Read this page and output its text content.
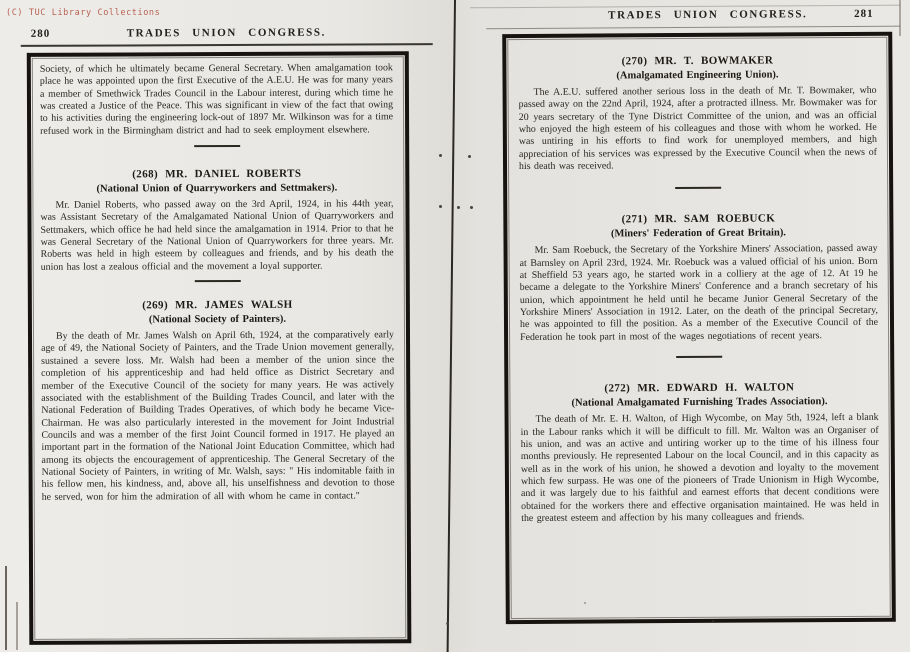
(C) TUC Library Collections
280	TRADES UNION CONGRESS.

Society, of which he ultimately became General Secretary. When amalgamation took place he was appointed upon the first Executive of the A.E.U. He was for many years a member of Smethwick Trades Council in the Labour interest, during which time he was created a Justice of the Peace. This was significant in view of the fact that owing to his activities during the engineering lock-out of 1897 Mr. Wilkinson was for a time refused work in the Birmingham district and had to seek employment elsewhere.

(268) MR. DANIEL ROBERTS
(National Union of Quarryworkers and Settmakers).

Mr. Daniel Roberts, who passed away on the 3rd April, 1924, in his 44th year, was Assistant Secretary of the Amalgamated National Union of Quarryworkers and Settmakers, which office he had held since the amalgamation in 1914. Prior to that he was General Secretary of the National Union of Quarryworkers for three years. Mr. Roberts was held in high esteem by colleagues and friends, and by his death the union has lost a zealous official and the movement a loyal supporter.

(269) MR. JAMES WALSH
(National Society of Painters).

By the death of Mr. James Walsh on April 6th, 1924, at the comparatively early age of 49, the National Society of Painters, and the Trade Union movement generally, sustained a severe loss. Mr. Walsh had been a member of the union since the completion of his apprenticeship and had held office as District Secretary and member of the Executive Council of the society for many years. He was actively associated with the establishment of the Building Trades Council, and later with the National Federation of Building Trades Operatives, of which body he became Vice-Chairman. He was also particularly interested in the movement for Joint Industrial Councils and was a member of the first Joint Council formed in 1917. He played an important part in the formation of the National Joint Education Committee, which had among its objects the encouragement of apprenticeship. The General Secretary of the National Society of Painters, in writing of Mr. Walsh, says: " His indomitable faith in his fellow men, his kindness, and, above all, his unselfishness and devotion to those he served, won for him the admiration of all with whom he came in contact."

TRADES UNION CONGRESS.	281
(270) MR. T. BOWMAKER
(Amalgamated Engineering Union).

The A.E.U. suffered another serious loss in the death of Mr. T. Bowmaker, who passed away on the 22nd April, 1924, after a protracted illness. Mr. Bowmaker was for 20 years secretary of the Tyne District Committee of the union, and was an official who enjoyed the high esteem of his colleagues and those with whom he worked. He was untiring in his efforts to find work for unemployed members, and high appreciation of his services was expressed by the Executive Council when the news of his death was received.

(271) MR. SAM ROEBUCK
(Miners' Federation of Great Britain).

Mr. Sam Roebuck, the Secretary of the Yorkshire Miners' Association, passed away at Barnsley on April 23rd, 1924. Mr. Roebuck was a valued official of his union. Born at Sheffield 53 years ago, he started work in a colliery at the age of 12. At 19 he became a delegate to the Yorkshire Miners' Conference and a branch secretary of his union, which appointment he held until he became Junior General Secretary of the Yorkshire Miners' Association in 1912. Later, on the death of the principal Secretary, he was appointed to fill the position. As a member of the Executive Council of the Federation he took part in most of the wages negotiations of recent years.

(272) MR. EDWARD H. WALTON
(National Amalgamated Furnishing Trades Association).

The death of Mr. E. H. Walton, of High Wycombe, on May 5th, 1924, left a blank in the Labour ranks which it will be difficult to fill. Mr. Walton was an Organiser of his union, and was an active and untiring worker up to the time of his illness four months previously. He represented Labour on the local Council, and in this capacity as well as in the work of his union, he showed a devotion and loyalty to the movement which few surpass. He was one of the pioneers of Trade Unionism in High Wycombe, and it was largely due to his faithful and earnest efforts that decent conditions were obtained for the workers there and effective organisation maintained. He was held in the greatest esteem and affection by his many colleagues and friends.
